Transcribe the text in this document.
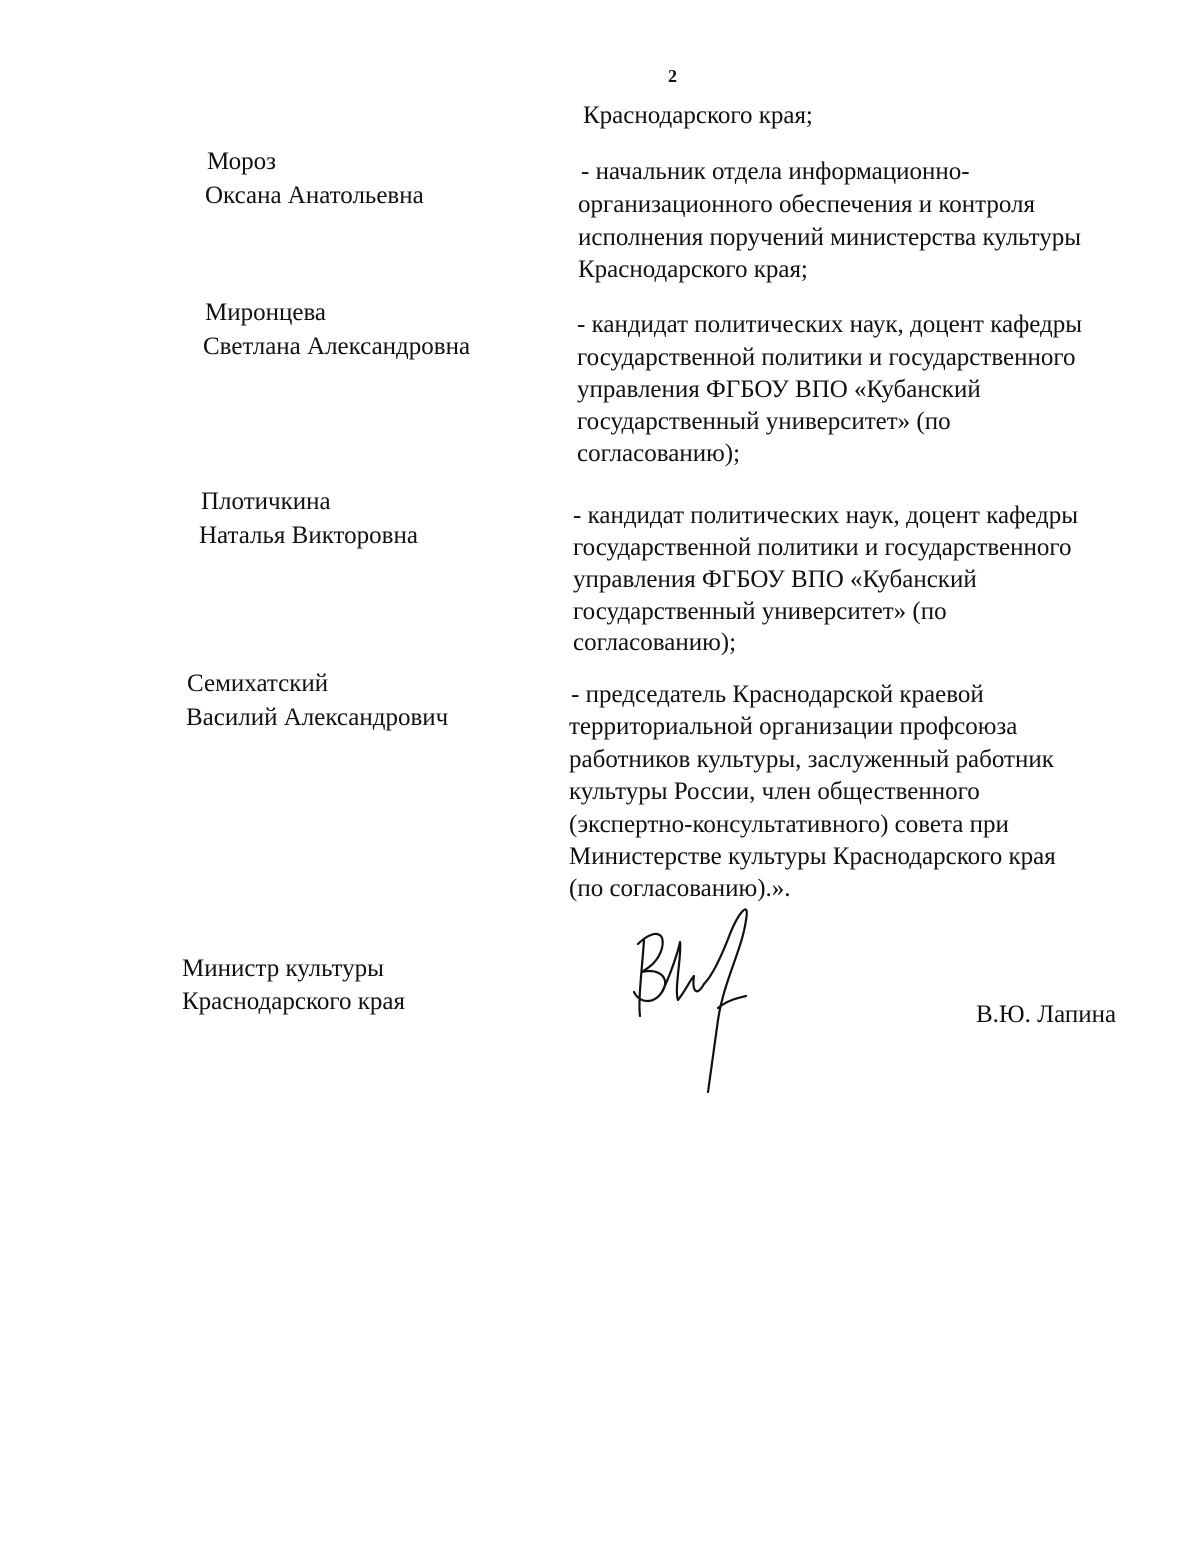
2
Краснодарского края;
Мороз
Оксана Анатольевна
- начальник отдела информационно-
организационного обеспечения и контроля
исполнения поручений министерства культуры
Краснодарского края;
Миронцева
Светлана Александровна
- кандидат политических наук, доцент кафедры
государственной политики и государственного
управления ФГБОУ ВПО «Кубанский
государственный университет» (по
согласованию);
Плотичкина
Наталья Викторовна
- кандидат политических наук, доцент кафедры
государственной политики и государственного
управления ФГБОУ ВПО «Кубанский
государственный университет» (по
согласованию);
Семихатский
Василий Александрович
- председатель Краснодарской краевой
территориальной организации профсоюза
работников культуры, заслуженный работник
культуры России, член общественного
(экспертно-консультативного) совета при
Министерстве культуры Краснодарского края
(по согласованию).».
Министр культуры
Краснодарского края	В.Ю. Лапина
